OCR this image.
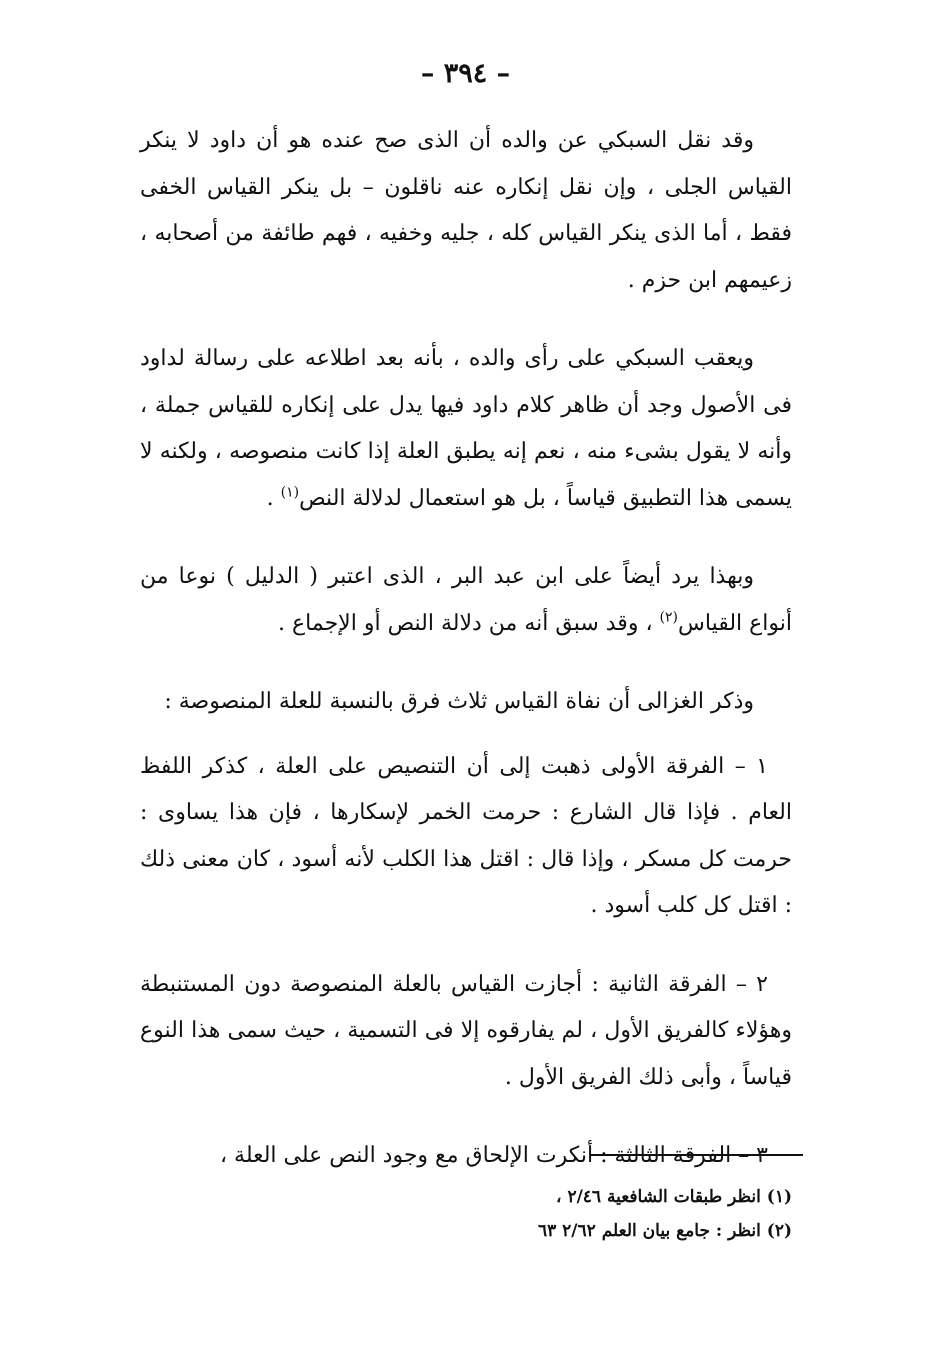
– ٣٩٤ –

وقد نقل السبكي عن والده أن الذى صح عنده هو أن داود لا ينكر القياس الجلى ، وإن نقل إنكاره عنه ناقلون – بل ينكر القياس الخفى فقط ، أما الذى ينكر القياس كله ، جليه وخفيه ، فهم طائفة من أصحابه ، زعيمهم ابن حزم .

ويعقب السبكي على رأى والده ، بأنه بعد اطلاعه على رسالة لداود فى الأصول وجد أن ظاهر كلام داود فيها يدل على إنكاره للقياس جملة ، وأنه لا يقول بشىء منه ، نعم إنه يطبق العلة إذا كانت منصوصه ، ولكنه لا يسمى هذا التطبيق قياساً ، بل هو استعمال لدلالة النص$^{(١)}$ .

وبهذا يرد أيضاً على ابن عبد البر ، الذى اعتبر ( الدليل ) نوعا من أنواع القياس$^{(٢)}$ ، وقد سبق أنه من دلالة النص أو الإجماع .

وذكر الغزالى أن نفاة القياس ثلاث فرق بالنسبة للعلة المنصوصة :

١ – الفرقة الأولى ذهبت إلى أن التنصيص على العلة ، كذكر اللفظ العام . فإذا قال الشارع : حرمت الخمر لإسكارها ، فإن هذا يساوى : حرمت كل مسكر ، وإذا قال : اقتل هذا الكلب لأنه أسود ، كان معنى ذلك : اقتل كل كلب أسود .

٢ – الفرقة الثانية : أجازت القياس بالعلة المنصوصة دون المستنبطة وهؤلاء كالفريق الأول ، لم يفارقوه إلا فى التسمية ، حيث سمى هذا النوع قياساً ، وأبى ذلك الفريق الأول .

٣ – الفرقة الثالثة : أنكرت الإلحاق مع وجود النص على العلة ،

(١) انظر طبقات الشافعية ٢/٤٦ ،
(٢) انظر : جامع بيان العلم ٢/٦٢ ٦٣
